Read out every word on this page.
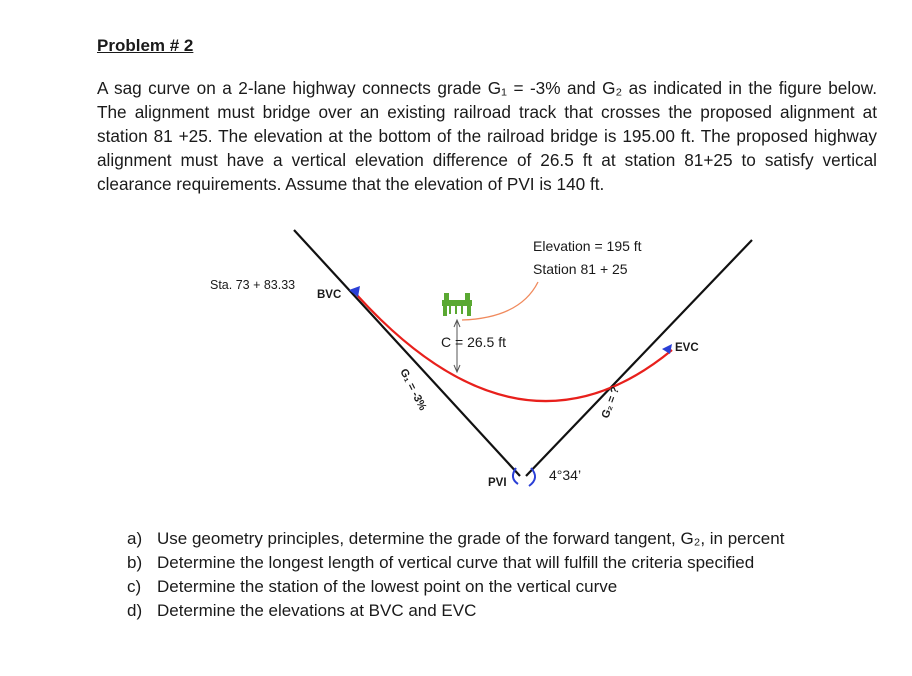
Problem # 2
A sag curve on a 2-lane highway connects grade G₁ = -3% and G₂ as indicated in the figure below. The alignment must bridge over an existing railroad track that crosses the proposed alignment at station 81 +25. The elevation at the bottom of the railroad bridge is 195.00 ft. The proposed highway alignment must have a vertical elevation difference of 26.5 ft at station 81+25 to satisfy vertical clearance requirements. Assume that the elevation of PVI is 140 ft.
Sta. 73 + 83.33
BVC
Elevation = 195 ft
Station 81 + 25
C = 26.5 ft	EVC
PVI	4°34’
G₁ = -3%	G₂ = ?
a) Use geometry principles, determine the grade of the forward tangent, G₂, in percent
b) Determine the longest length of vertical curve that will fulfill the criteria specified
c) Determine the station of the lowest point on the vertical curve
d) Determine the elevations at BVC and EVC
